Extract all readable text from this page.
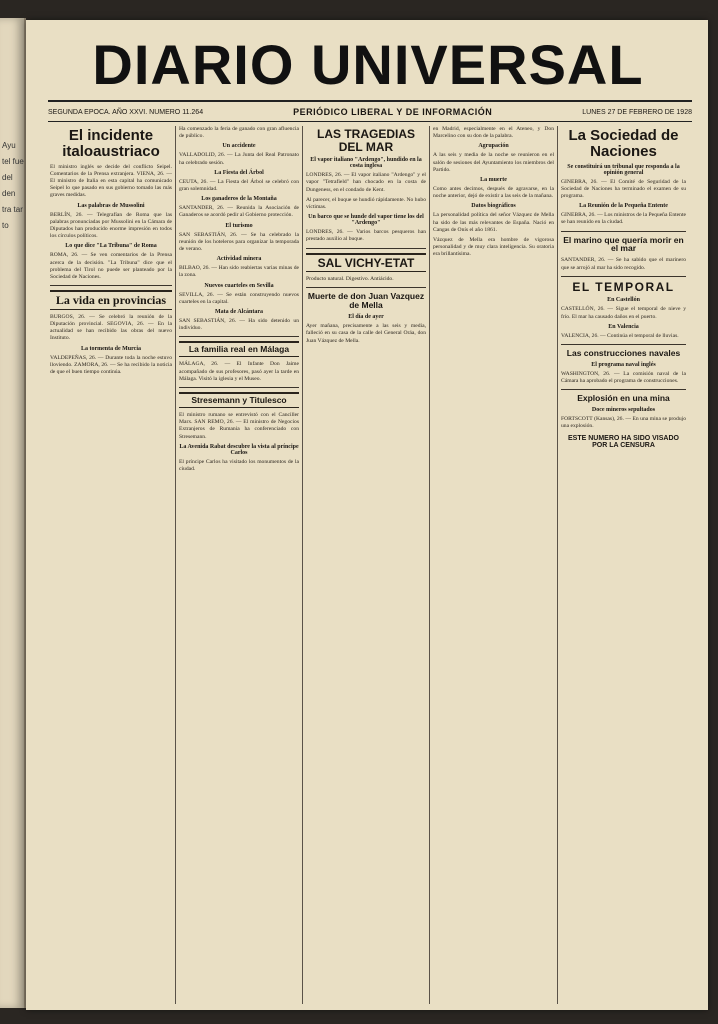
Ayu tel fue del den tra tar to
DIARIO UNIVERSAL
SEGUNDA EPOCA. AÑO XXVI. NUMERO 11.264	PERIÓDICO LIBERAL Y DE INFORMACIÓN	LUNES 27 DE FEBRERO DE 1928
El incidente italoaustriaco

El ministro inglés se decide del conflicto Seipel. Comentarios de la Prensa extranjera. VIENA, 26. — El ministro de Italia en esta capital ha comunicado Seipel lo que pasado en sus gobierno tomado las más graves medidas.

Las palabras de Mussolini

BERLÍN, 26. — Telegrafían de Roma que las palabras pronunciadas por Mussolini en la Cámara de Diputados han producido enorme impresión en todos los círculos políticos.

Lo que dice "La Tribuna" de Roma

ROMA, 26. — Se ven comentarios de la Prensa acerca de la decisión. "La Tribuna" dice que el problema del Tirol no puede ser planteado por la Sociedad de Naciones.

La vida en provincias

BURGOS, 26. — Se celebró la reunión de la Diputación provincial. SEGOVIA, 26. — En la actualidad se han recibido las obras del nuevo Instituto.

La tormenta de Murcia

VALDEPEÑAS, 26. — Durante toda la noche estuvo lloviendo. ZAMORA, 26. — Se ha recibido la noticia de que el buen tiempo continúa.

Ha comenzado la feria de ganado con gran afluencia de público.

Un accidente

VALLADOLID, 26. — La Junta del Real Patronato ha celebrado sesión.

La Fiesta del Árbol

CEUTA, 26. — La Fiesta del Árbol se celebró con gran solemnidad.

Los ganaderos de la Montaña

SANTANDER, 26. — Reunida la Asociación de Ganaderos se acordó pedir al Gobierno protección.

El turismo

SAN SEBASTIÁN, 26. — Se ha celebrado la reunión de los hoteleros para organizar la temporada de verano.

Actividad minera

BILBAO, 26. — Han sido reabiertas varias minas de la zona.

Nuevos cuarteles en Sevilla

SEVILLA, 26. — Se están construyendo nuevos cuarteles en la capital.

Mata de Alcántara

SAN SEBASTIÁN, 26. — Ha sido detenido un individuo.

La familia real en Málaga

MÁLAGA, 26. — El Infante Don Jaime acompañado de sus profesores, pasó ayer la tarde en Málaga. Visitó la iglesia y el Museo.

Stresemann y Titulesco

El ministro rumano se entrevistó con el Canciller Marx. SAN REMO, 26. — El ministro de Negocios Extranjeros de Rumania ha conferenciado con Stresemann.

La Avenida Rabat descubre la vista al príncipe Carlos

El príncipe Carlos ha visitado los monumentos de la ciudad.

LAS TRAGEDIAS DEL MAR
El vapor italiano "Ardengo", hundido en la costa inglesa

LONDRES, 26. — El vapor italiano "Ardengo" y el vapor "Tetrafield" han chocado en la costa de Dungeness, en el condado de Kent.

Al parecer, el buque se hundió rápidamente. No hubo víctimas.

Un barco que se hunde del vapor tiene los del "Ardengo"

LONDRES, 26. — Varios barcos pesqueros han prestado auxilio al buque.

SAL VICHY-ETAT

Producto natural. Digestivo. Antiácido.

Muerte de don Juan Vazquez de Mella
El día de ayer

Ayer mañana, precisamente a las seis y media, falleció en su casa de la calle del General Oráa, don Juan Vázquez de Mella.

en Madrid, especialmente en el Ateneo, y Don Marcelino con su don de la palabra.

Agrupación

A las seis y media de la noche se reunieron en el salón de sesiones del Ayuntamiento los miembros del Partido.

La muerte

Como antes decimos, después de agravarse, en la noche anterior, dejó de existir a las seis de la mañana.

Datos biográficos

La personalidad política del señor Vázquez de Mella ha sido de las más relevantes de España. Nació en Cangas de Onís el año 1861.

Vázquez de Mella era hombre de vigorosa personalidad y de muy clara inteligencia. Su oratoria era brillantísima.

La Sociedad de Naciones
Se constituirá un tribunal que responda a la opinión general

GINEBRA, 26. — El Comité de Seguridad de la Sociedad de Naciones ha terminado el examen de su programa.

La Reunión de la Pequeña Entente

GINEBRA, 26. — Los ministros de la Pequeña Entente se han reunido en la ciudad.

El marino que quería morir en el mar

SANTANDER, 26. — Se ha sabido que el marinero que se arrojó al mar ha sido recogido.

EL TEMPORAL
En Castellón

CASTELLÓN, 26. — Sigue el temporal de nieve y frío. El mar ha causado daños en el puerto.

En Valencia

VALENCIA, 26. — Continúa el temporal de lluvias.

Las construcciones navales
El programa naval inglés

WASHINGTON, 26. — La comisión naval de la Cámara ha aprobado el programa de construcciones.

Explosión en una mina
Doce mineros sepultados

FORTSCOTT (Kansas), 26. — En una mina se produjo una explosión.

ESTE NUMERO HA SIDO VISADO POR LA CENSURA
